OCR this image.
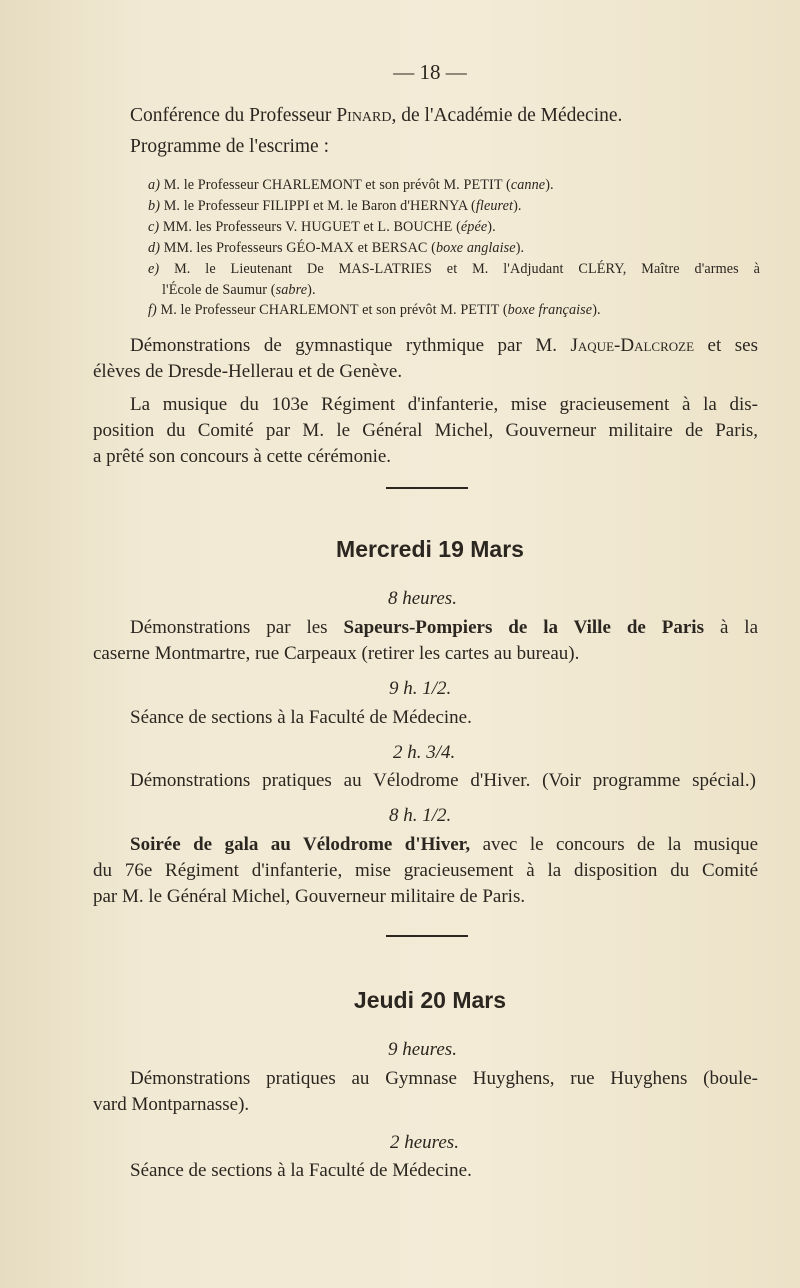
— 18 —

Conférence du Professeur Pinard, de l'Académie de Médecine.

Programme de l'escrime :

a) M. le Professeur CHARLEMONT et son prévôt M. PETIT (canne).

b) M. le Professeur FILIPPI et M. le Baron d'HERNYA (fleuret).

c) MM. les Professeurs V. HUGUET et L. BOUCHE (épée).

d) MM. les Professeurs GÉO-MAX et BERSAC (boxe anglaise).

e) M. le Lieutenant De MAS-LATRIES et M. l'Adjudant CLÉRY, Maître d'armes à

l'École de Saumur (sabre).

f) M. le Professeur CHARLEMONT et son prévôt M. PETIT (boxe française).

Démonstrations de gymnastique rythmique par M. Jaque-Dalcroze et ses

élèves de Dresde-Hellerau et de Genève.

La musique du 103e Régiment d'infanterie, mise gracieusement à la dis-

position du Comité par M. le Général Michel, Gouverneur militaire de Paris,

a prêté son concours à cette cérémonie.

Mercredi 19 Mars

8 heures.

Démonstrations par les Sapeurs-Pompiers de la Ville de Paris à la

caserne Montmartre, rue Carpeaux (retirer les cartes au bureau).

9 h. 1/2.

Séance de sections à la Faculté de Médecine.

2 h. 3/4.

Démonstrations pratiques au Vélodrome d'Hiver. (Voir programme spécial.)

8 h. 1/2.

Soirée de gala au Vélodrome d'Hiver, avec le concours de la musique

du 76e Régiment d'infanterie, mise gracieusement à la disposition du Comité

par M. le Général Michel, Gouverneur militaire de Paris.

Jeudi 20 Mars

9 heures.

Démonstrations pratiques au Gymnase Huyghens, rue Huyghens (boule-

vard Montparnasse).

2 heures.

Séance de sections à la Faculté de Médecine.
